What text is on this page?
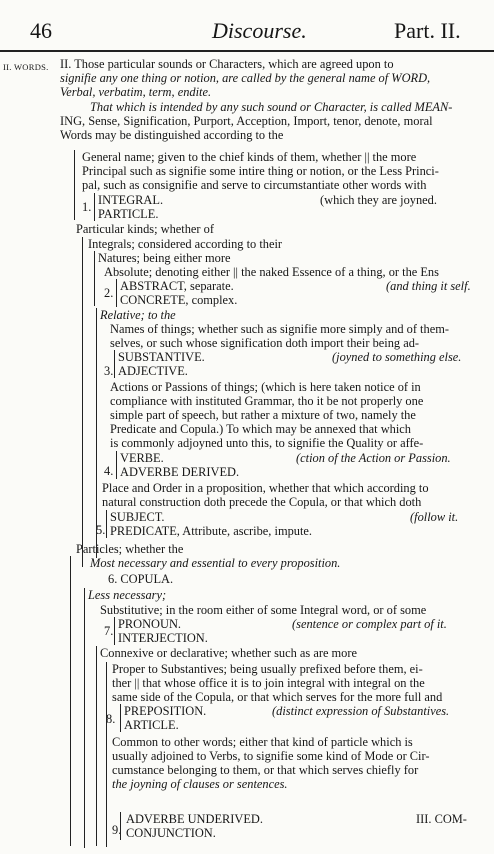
46	Discourse.	Part. II.
II. WORDS. II. Those particular sounds or Characters, which are agreed upon to
signifie any one thing or notion, are called by the general name of WORD,
Verbal, verbatim, term, endite.
That which is intended by any such sound or Character, is called MEAN-
ING, Sense, Signification, Purport, Acception, Import, tenor, denote, moral
Words may be distinguished according to the
General name; given to the chief kinds of them, whether || the more
Principal such as signifie some intire thing or notion, or the Less Princi-
pal, such as consignifie and serve to circumstantiate other words with
1. INTEGRAL.	(which they are joyned.
PARTICLE.
Particular kinds; whether of
Integrals; considered according to their
Natures; being either more
Absolute; denoting either || the naked Essence of a thing, or the Ens
2. ABSTRACT, separate.	(and thing it self.
CONCRETE, complex.
Relative; to the
Names of things; whether such as signifie more simply and of them-
selves, or such whose signification doth import their being ad-
SUBSTANTIVE.	(joyned to something else.
3. ADJECTIVE.
Actions or Passions of things; (which is here taken notice of in
compliance with instituted Grammar, tho it be not properly one
simple part of speech, but rather a mixture of two, namely the
Predicate and Copula.) To which may be annexed that which
is commonly adjoyned unto this, to signifie the Quality or affe-
VERBE.	(ction of the Action or Passion.
4. ADVERBE DERIVED.
Place and Order in a proposition, whether that which according to
natural construction doth precede the Copula, or that which doth
SUBJECT.	(follow it.
5. PREDICATE, Attribute, ascribe, impute.
Particles; whether the
Most necessary and essential to every proposition.
6. COPULA.
Less necessary;
Substitutive; in the room either of some Integral word, or of some
PRONOUN.	(sentence or complex part of it.
7. INTERJECTION.
Connexive or declarative; whether such as are more
Proper to Substantives; being usually prefixed before them, ei-
ther || that whose office it is to join integral with integral on the
same side of the Copula, or that which serves for the more full and
PREPOSITION.	(distinct expression of Substantives.
8. ARTICLE.
Common to other words; either that kind of particle which is
usually adjoined to Verbs, to signifie some kind of Mode or Cir-
cumstance belonging to them, or that which serves chiefly for
the joyning of clauses or sentences.
ADVERBE UNDERIVED.	III. COM-
9. CONJUNCTION.
